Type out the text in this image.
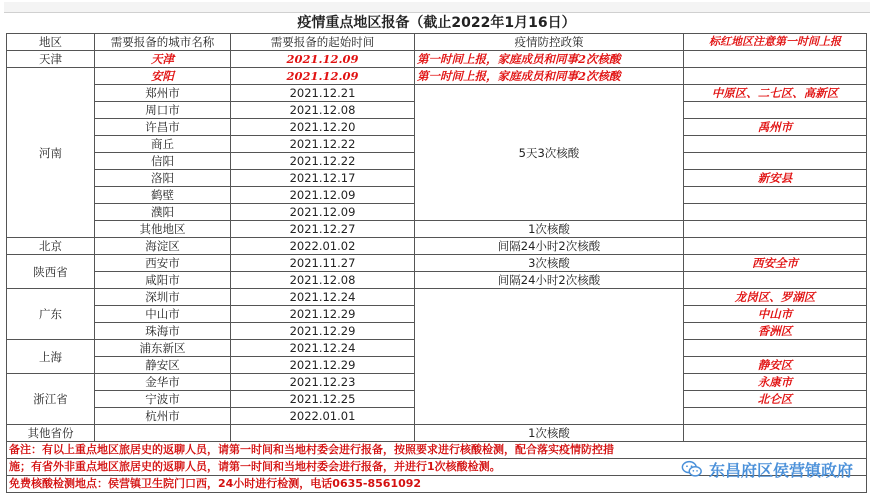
疫情重点地区报备（截止2022年1月16日）				
地区	需要报备的城市名称	需要报备的起始时间	疫情防控政策	标红地区注意第一时间上报
天津	天津	2021.12.09	第一时间上报，家庭成员和同事2次核酸	
河南	安阳	2021.12.09	第一时间上报，家庭成员和同事2次核酸	
	郑州市	2021.12.21	5天3次核酸	中原区、二七区、高新区
	周口市	2021.12.08		
	许昌市	2021.12.20		禹州市
	商丘	2021.12.22		
	信阳	2021.12.22		
	洛阳	2021.12.17		新安县
	鹤壁	2021.12.09		
	濮阳	2021.12.09		
	其他地区	2021.12.27	1次核酸	
北京	海淀区	2022.01.02	间隔24小时2次核酸	
陕西省	西安市	2021.11.27	3次核酸	西安全市
	咸阳市	2021.12.08	间隔24小时2次核酸	
广东	深圳市	2021.12.24		龙岗区、罗湖区
	中山市	2021.12.29		中山市
	珠海市	2021.12.29		香洲区
上海	浦东新区	2021.12.24		
	静安区	2021.12.29		静安区
浙江省	金华市	2021.12.23		永康市
	宁波市	2021.12.25		北仑区
	杭州市	2022.01.01		
其他省份			1次核酸	
备注：有以上重点地区旅居史的返聊人员，请第一时间和当地村委会进行报备，按照要求进行核酸检测，配合落实疫情防控措				
施；有省外非重点地区旅居史的返聊人员，请第一时间和当地村委会进行报备，并进行1次核酸检测。				
免费核酸检测地点：侯营镇卫生院门口西，24小时进行检测，电话0635-8561092				
东昌府区侯营镇政府
